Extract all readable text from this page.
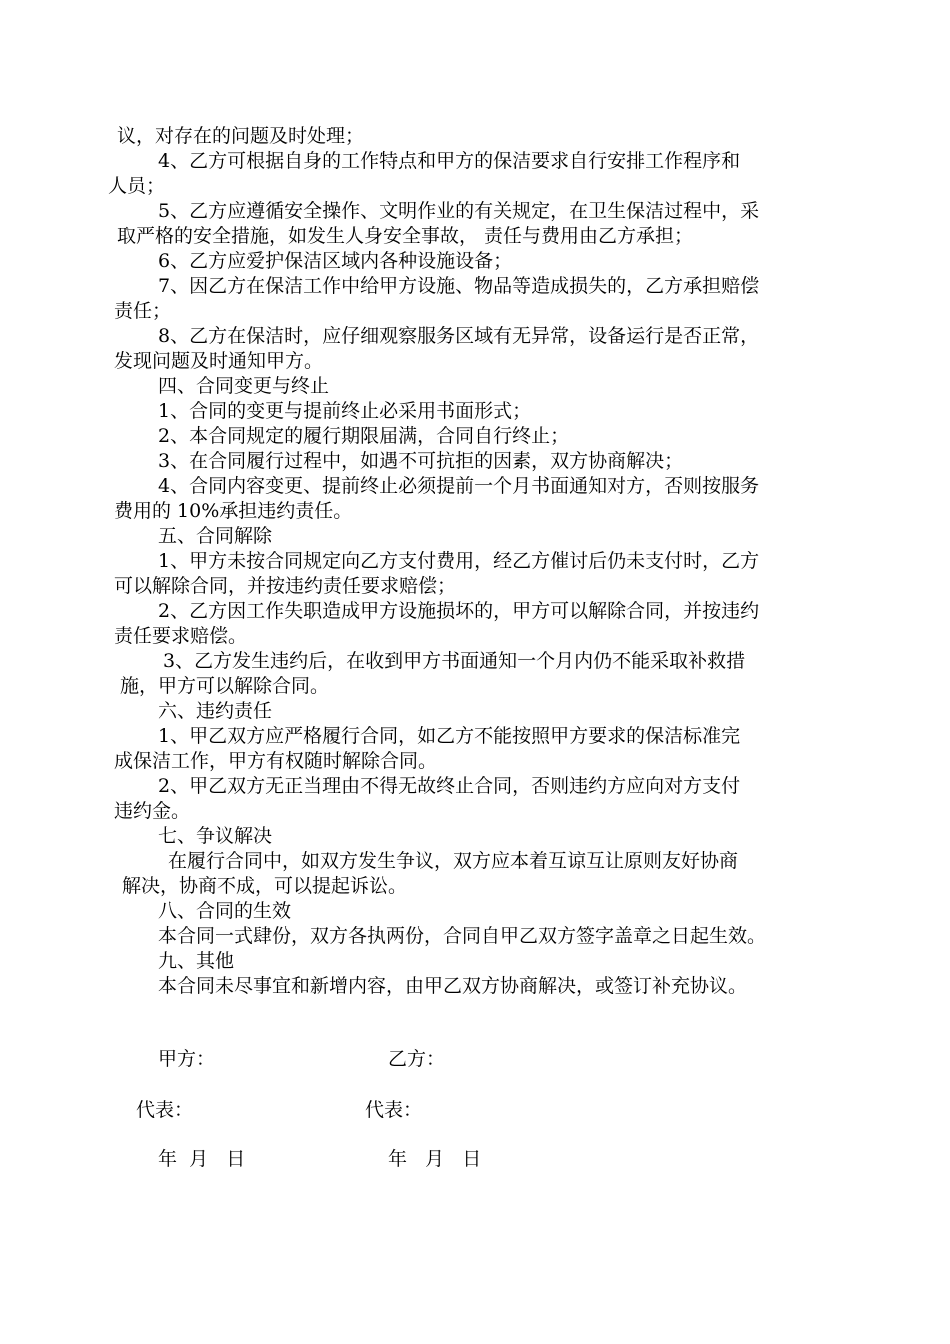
议，对存在的问题及时处理；
4、乙方可根据自身的工作特点和甲方的保洁要求自行安排工作程序和
人员；
5、乙方应遵循安全操作、文明作业的有关规定，在卫生保洁过程中，采
取严格的安全措施，如发生人身安全事故， 责任与费用由乙方承担；
6、乙方应爱护保洁区域内各种设施设备；
7、因乙方在保洁工作中给甲方设施、物品等造成损失的，乙方承担赔偿
责任；
8、乙方在保洁时，应仔细观察服务区域有无异常，设备运行是否正常，
发现问题及时通知甲方。
四、合同变更与终止
1、合同的变更与提前终止必采用书面形式；
2、本合同规定的履行期限届满，合同自行终止；
3、在合同履行过程中，如遇不可抗拒的因素，双方协商解决；
4、合同内容变更、提前终止必须提前一个月书面通知对方，否则按服务
费用的 10%承担违约责任。
五、合同解除
1、甲方未按合同规定向乙方支付费用，经乙方催讨后仍未支付时，乙方
可以解除合同，并按违约责任要求赔偿；
2、乙方因工作失职造成甲方设施损坏的，甲方可以解除合同，并按违约
责任要求赔偿。
3、乙方发生违约后，在收到甲方书面通知一个月内仍不能采取补救措
施，甲方可以解除合同。
六、违约责任
1、甲乙双方应严格履行合同，如乙方不能按照甲方要求的保洁标准完
成保洁工作，甲方有权随时解除合同。
2、甲乙双方无正当理由不得无故终止合同，否则违约方应向对方支付
违约金。
七、争议解决
在履行合同中，如双方发生争议，双方应本着互谅互让原则友好协商
解决，协商不成，可以提起诉讼。
八、合同的生效
本合同一式肆份，双方各执两份，合同自甲乙双方签字盖章之日起生效。
九、其他
本合同未尽事宜和新增内容，由甲乙双方协商解决，或签订补充协议。
甲方：	乙方：
代表：	代表：
年  月   日	年   月   日
